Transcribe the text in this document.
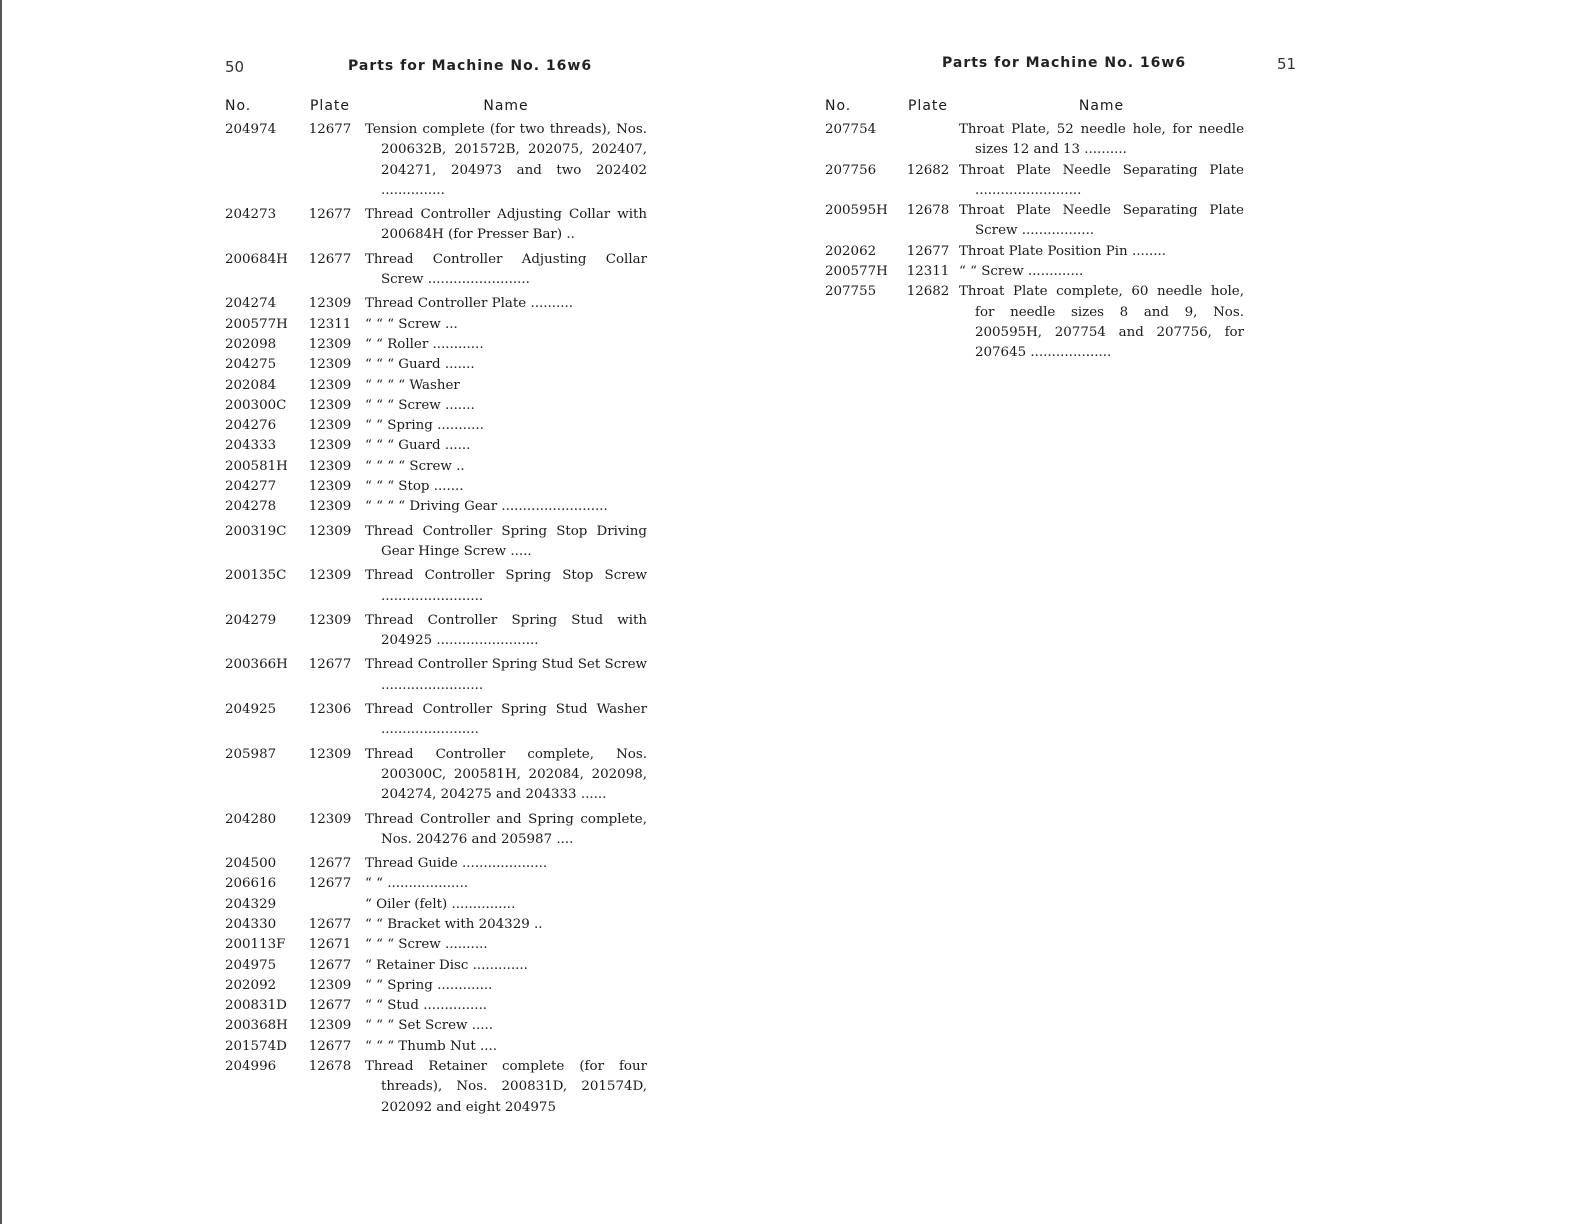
50	Parts for Machine No. 16w6
No.	Plate	Name
204974	12677	Tension complete (for two threads), Nos. 200632B, 201572B, 202075, 202407, 204271, 204973 and two 202402 ...............
204273	12677	Thread Controller Adjusting Collar with 200684H (for Presser Bar) ..
200684H	12677	Thread Controller Adjusting Collar Screw ........................
204274	12309	Thread Controller Plate ..........
200577H	12311	“ “ “ Screw ...
202098	12309	“ “ Roller ............
204275	12309	“ “ “ Guard .......
202084	12309	“ “ “ “ Washer
200300C	12309	“ “ “ Screw .......
204276	12309	“ “ Spring ...........
204333	12309	“ “ “ Guard ......
200581H	12309	“ “ “ “ Screw ..
204277	12309	“ “ “ Stop .......
204278	12309	“ “ “ “ Driving Gear .........................
200319C	12309	Thread Controller Spring Stop Driving Gear Hinge Screw .....
200135C	12309	Thread Controller Spring Stop Screw ........................
204279	12309	Thread Controller Spring Stud with 204925 ........................
200366H	12677	Thread Controller Spring Stud Set Screw ........................
204925	12306	Thread Controller Spring Stud Washer .......................
205987	12309	Thread Controller complete, Nos. 200300C, 200581H, 202084, 202098, 204274, 204275 and 204333 ......
204280	12309	Thread Controller and Spring complete, Nos. 204276 and 205987 ....
204500	12677	Thread Guide ....................
206616	12677	“ “ ...................
204329		“ Oiler (felt) ...............
204330	12677	“ “ Bracket with 204329 ..
200113F	12671	“ “ “ Screw ..........
204975	12677	“ Retainer Disc .............
202092	12309	“ “ Spring .............
200831D	12677	“ “ Stud ...............
200368H	12309	“ “ “ Set Screw .....
201574D	12677	“ “ “ Thumb Nut ....
204996	12678	Thread Retainer complete (for four threads), Nos. 200831D, 201574D, 202092 and eight 204975
Parts for Machine No. 16w6	51
No.	Plate	Name
207754		Throat Plate, 52 needle hole, for needle sizes 12 and 13 ..........
207756	12682	Throat Plate Needle Separating Plate .........................
200595H	12678	Throat Plate Needle Separating Plate Screw .................
202062	12677	Throat Plate Position Pin ........
200577H	12311	“ “ Screw .............
207755	12682	Throat Plate complete, 60 needle hole, for needle sizes 8 and 9, Nos. 200595H, 207754 and 207756, for 207645 ...................
